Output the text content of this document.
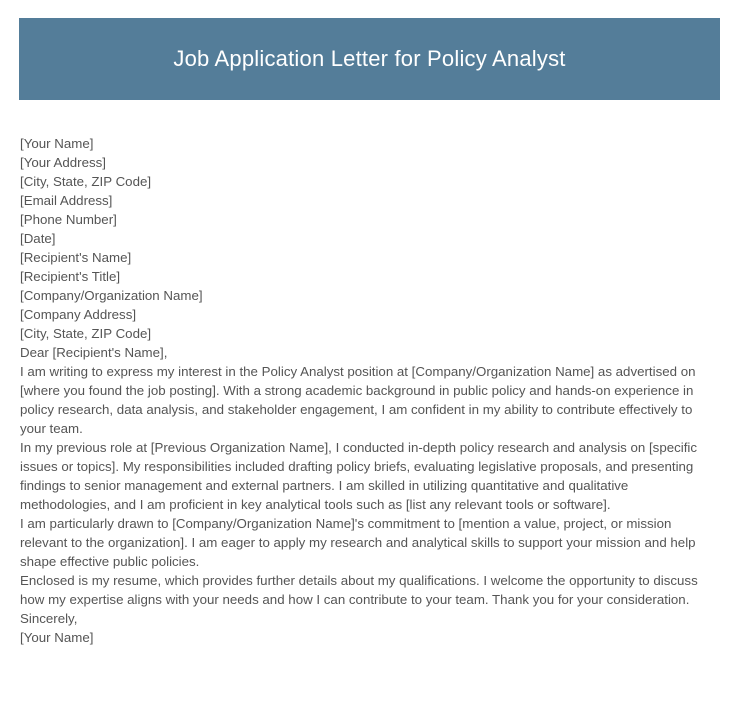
Job Application Letter for Policy Analyst
[Your Name]
[Your Address]
[City, State, ZIP Code]
[Email Address]
[Phone Number]
[Date]
[Recipient's Name]
[Recipient's Title]
[Company/Organization Name]
[Company Address]
[City, State, ZIP Code]
Dear [Recipient's Name],

I am writing to express my interest in the Policy Analyst position at [Company/Organization Name] as advertised on [where you found the job posting]. With a strong academic background in public policy and hands-on experience in policy research, data analysis, and stakeholder engagement, I am confident in my ability to contribute effectively to your team.

In my previous role at [Previous Organization Name], I conducted in-depth policy research and analysis on [specific issues or topics]. My responsibilities included drafting policy briefs, evaluating legislative proposals, and presenting findings to senior management and external partners. I am skilled in utilizing quantitative and qualitative methodologies, and I am proficient in key analytical tools such as [list any relevant tools or software].

I am particularly drawn to [Company/Organization Name]'s commitment to [mention a value, project, or mission relevant to the organization]. I am eager to apply my research and analytical skills to support your mission and help shape effective public policies.

Enclosed is my resume, which provides further details about my qualifications. I welcome the opportunity to discuss how my expertise aligns with your needs and how I can contribute to your team. Thank you for your consideration.

Sincerely,
[Your Name]
